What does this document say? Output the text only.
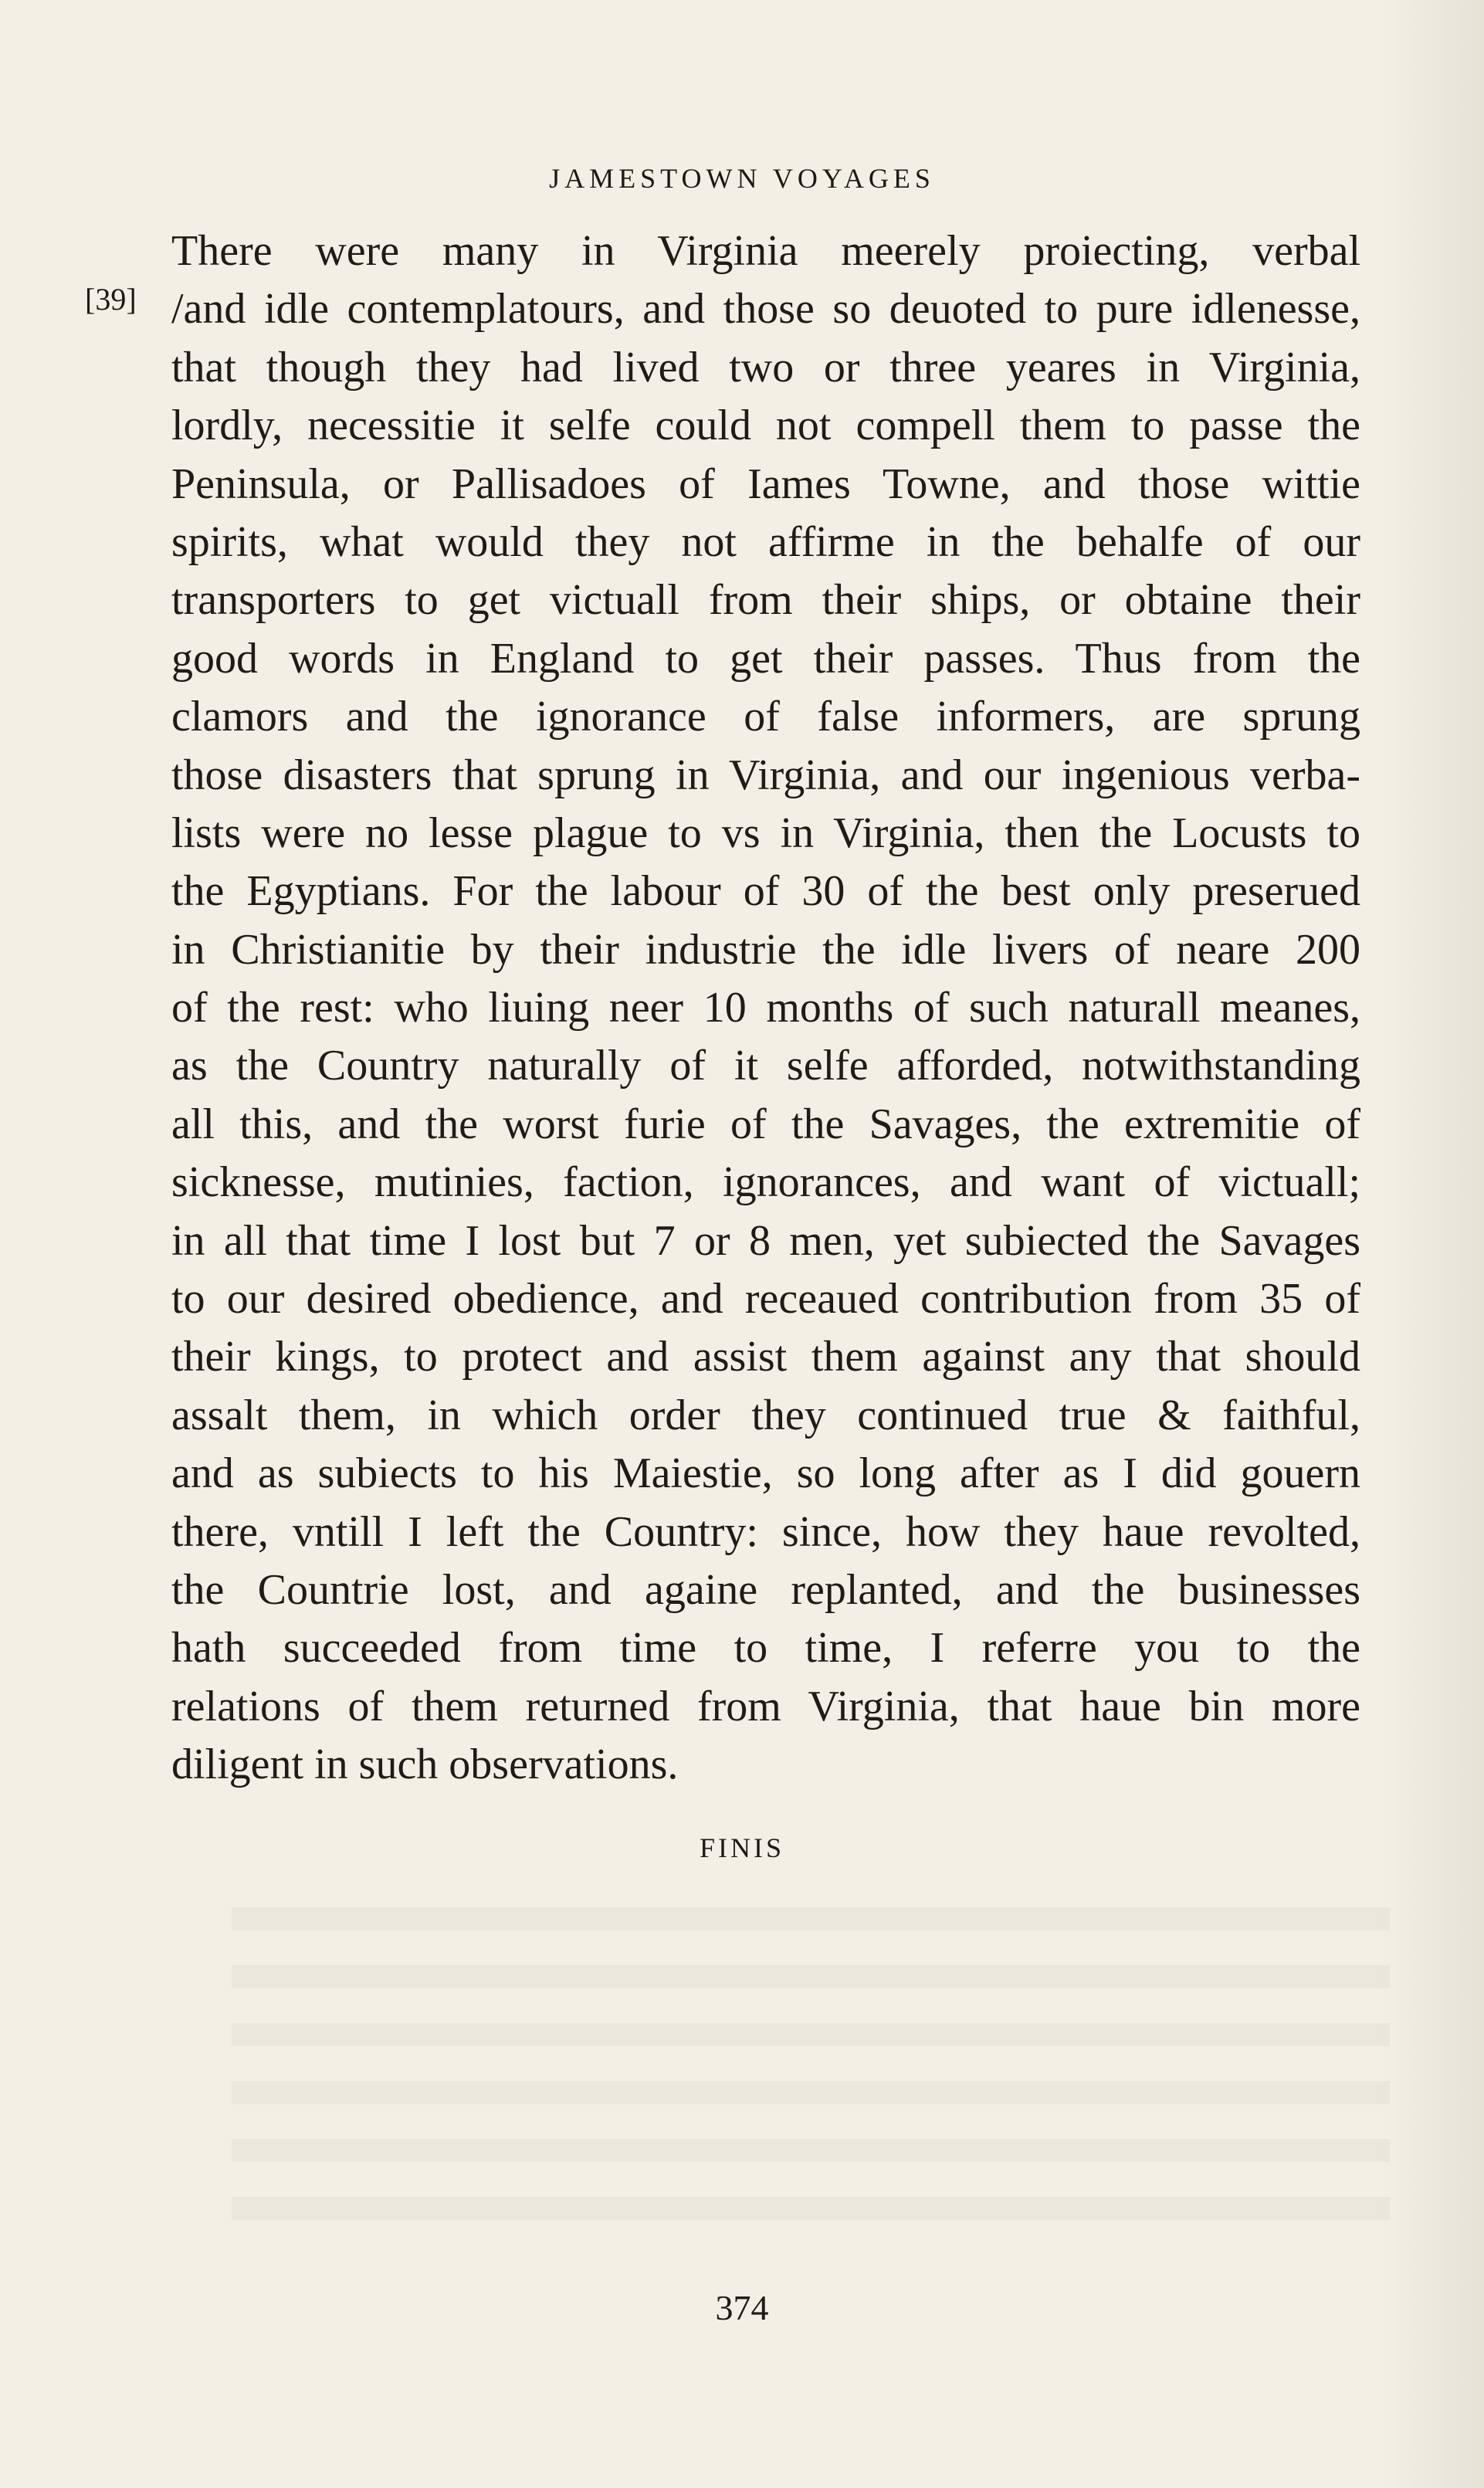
JAMESTOWN VOYAGES
[39]
There were many in Virginia meerely proiecting, verbal
/and idle contemplatours, and those so deuoted to pure idlenesse,
that though they had lived two or three yeares in Virginia,
lordly, necessitie it selfe could not compell them to passe the
Peninsula, or Pallisadoes of Iames Towne, and those wittie
spirits, what would they not affirme in the behalfe of our
transporters to get victuall from their ships, or obtaine their
good words in England to get their passes. Thus from the
clamors and the ignorance of false informers, are sprung
those disasters that sprung in Virginia, and our ingenious verba-
lists were no lesse plague to vs in Virginia, then the Locusts to
the Egyptians. For the labour of 30 of the best only preserued
in Christianitie by their industrie the idle livers of neare 200
of the rest: who liuing neer 10 months of such naturall meanes,
as the Country naturally of it selfe afforded, notwithstanding
all this, and the worst furie of the Savages, the extremitie of
sicknesse, mutinies, faction, ignorances, and want of victuall;
in all that time I lost but 7 or 8 men, yet subiected the Savages
to our desired obedience, and receaued contribution from 35 of
their kings, to protect and assist them against any that should
assalt them, in which order they continued true & faithful,
and as subiects to his Maiestie, so long after as I did gouern
there, vntill I left the Country: since, how they haue revolted,
the Countrie lost, and againe replanted, and the businesses
hath succeeded from time to time, I referre you to the
relations of them returned from Virginia, that haue bin more
diligent in such observations.
FINIS
374
